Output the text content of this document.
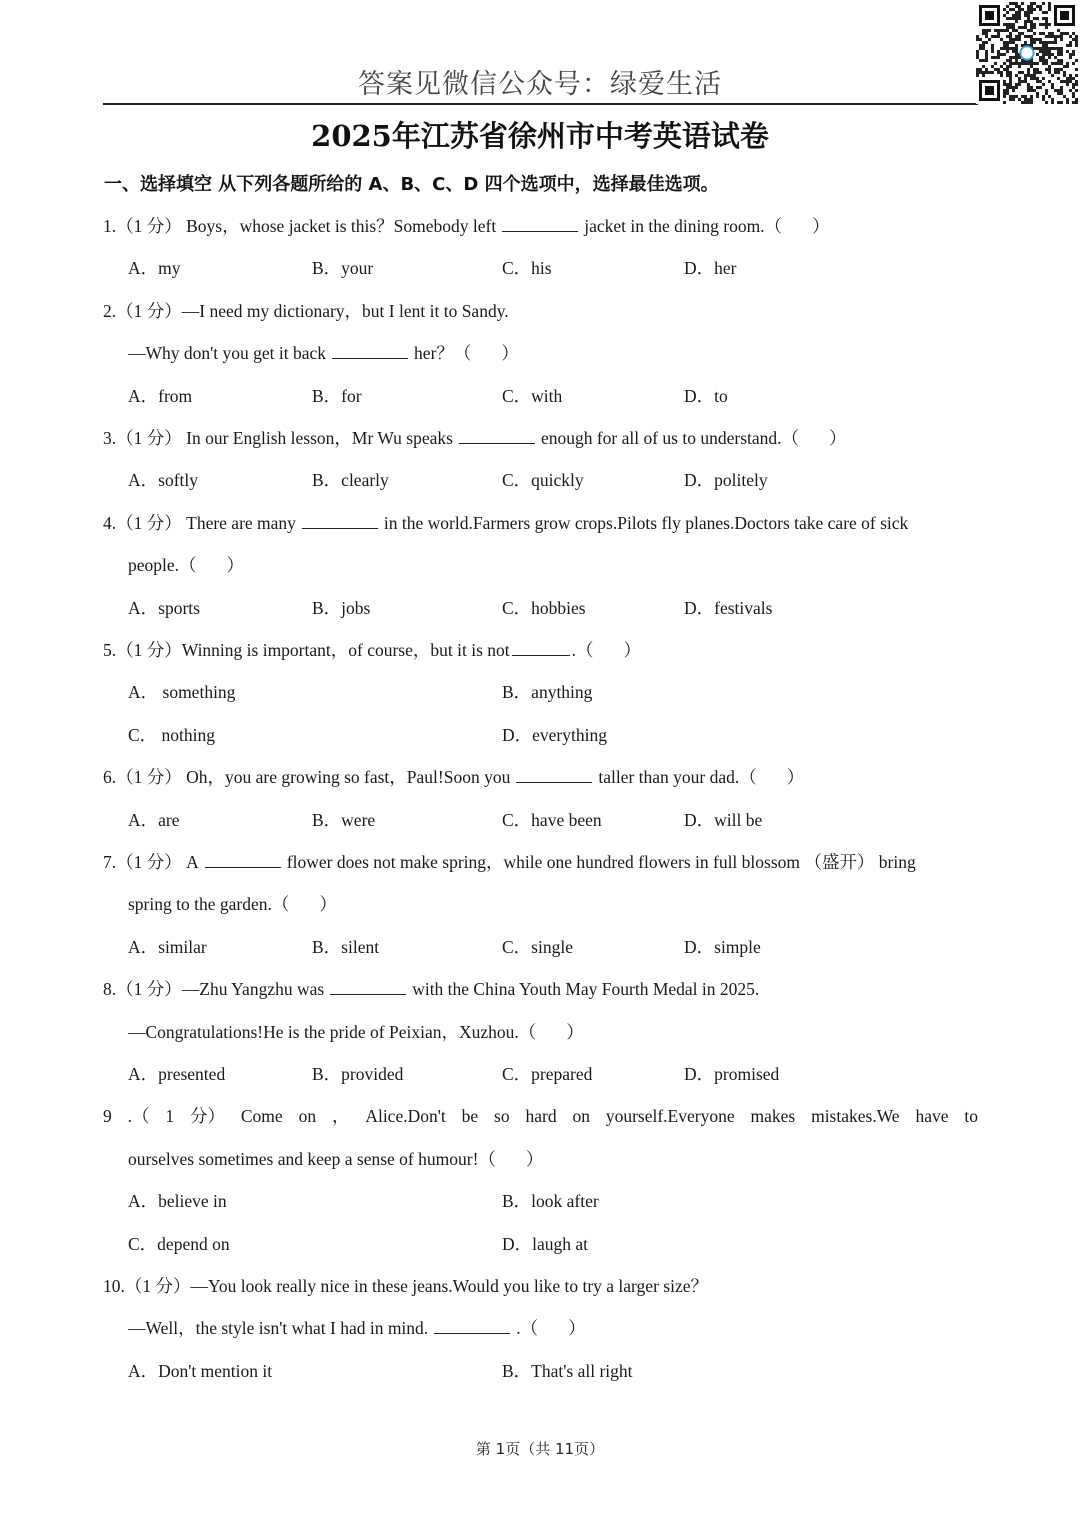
答案见微信公众号：绿爱生活
2025年江苏省徐州市中考英语试卷
一、选择填空 从下列各题所给的 A、B、C、D 四个选项中，选择最佳选项。
1.（1 分） Boys，whose jacket is this？Somebody left	jacket in the dining room.（ ）
A．my	B．your	C．his	D．her
2.（1 分）—I need my dictionary，but I lent it to Sandy.
—Why don't you get it back	her？（ ）
A．from	B．for	C．with	D．to
3.（1 分） In our English lesson，Mr Wu speaks	enough for all of us to understand.（ ）
A．softly	B．clearly	C．quickly	D．politely
4.（1 分） There are many	in the world.Farmers grow crops.Pilots fly planes.Doctors take care of sick
people.（ ）
A．sports	B．jobs	C．hobbies	D．festivals
5.（1 分）Winning is important，of course，but it is not	.（ ）
A． something	B．anything
C． nothing	D．everything
6.（1 分） Oh，you are growing so fast，Paul!Soon you	taller than your dad.（ ）
A．are	B．were	C．have been	D．will be
7.（1 分） A	flower does not make spring，while one hundred flowers in full blossom （盛开） bring
spring to the garden.（ ）
A．similar	B．silent	C．single	D．simple
8.（1 分）—Zhu Yangzhu was	with the China Youth May Fourth Medal in 2025.
—Congratulations!He is the pride of Peixian，Xuzhou.（ ）
A．presented	B．provided	C．prepared	D．promised
9 .（ 1 分） Come on ， Alice.Don't be so hard on yourself.Everyone makes mistakes.We have to
ourselves sometimes and keep a sense of humour!（ ）
A．believe in	B．look after
C．depend on	D．laugh at
10.（1 分）—You look really nice in these jeans.Would you like to try a larger size？
—Well，the style isn't what I had in mind.	.（ ）
A．Don't mention it	B．That's all right
第 1页（共 11页）
